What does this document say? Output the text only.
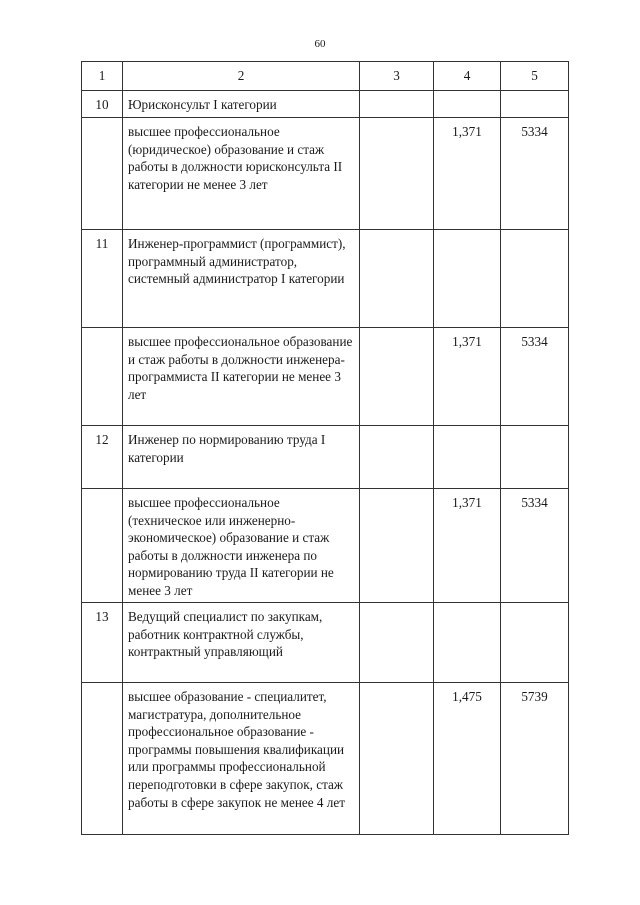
60
1	2	3	4	5
10	Юрисконсульт I категории			
	высшее профессиональное (юридическое) образование и стаж работы в должности юрисконсульта II категории не менее 3 лет		1,371	5334
11	Инженер-программист (программист), программный администратор, системный администратор I категории			
	высшее профессиональное образование и стаж работы в должности инженера-программиста II категории не менее 3 лет		1,371	5334
12	Инженер по нормированию труда I категории			
	высшее профессиональное (техническое или инженерно-экономическое) образование и стаж работы в должности инженера по нормированию труда II категории не менее 3 лет		1,371	5334
13	Ведущий специалист по закупкам, работник контрактной службы, контрактный управляющий			
	высшее образование - специалитет, магистратура, дополнительное профессиональное образование - программы повышения квалификации или программы профессиональной переподготовки в сфере закупок, стаж работы в сфере закупок не менее 4 лет		1,475	5739
